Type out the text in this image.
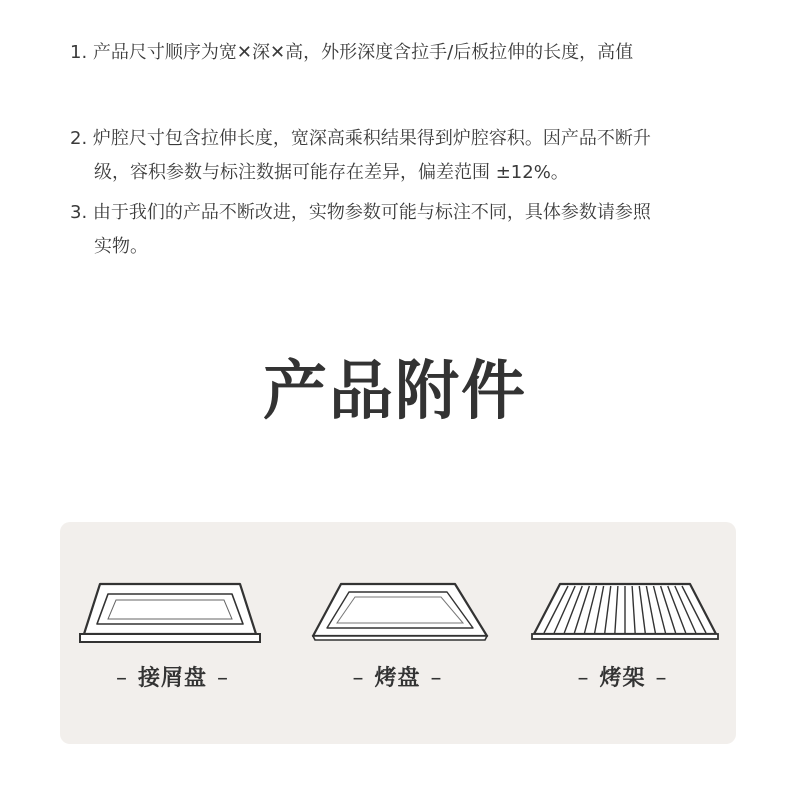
1. 产品尺寸顺序为宽✕深✕高，外形深度含拉手/后板拉伸的长度，高值
2. 炉腔尺寸包含拉伸长度，宽深高乘积结果得到炉腔容积。因产品不断升
级，容积参数与标注数据可能存在差异，偏差范围 ±12%。
3. 由于我们的产品不断改进，实物参数可能与标注不同，具体参数请参照
实物。
产品附件
– 接屑盘 –	– 烤盘 –	– 烤架 –
